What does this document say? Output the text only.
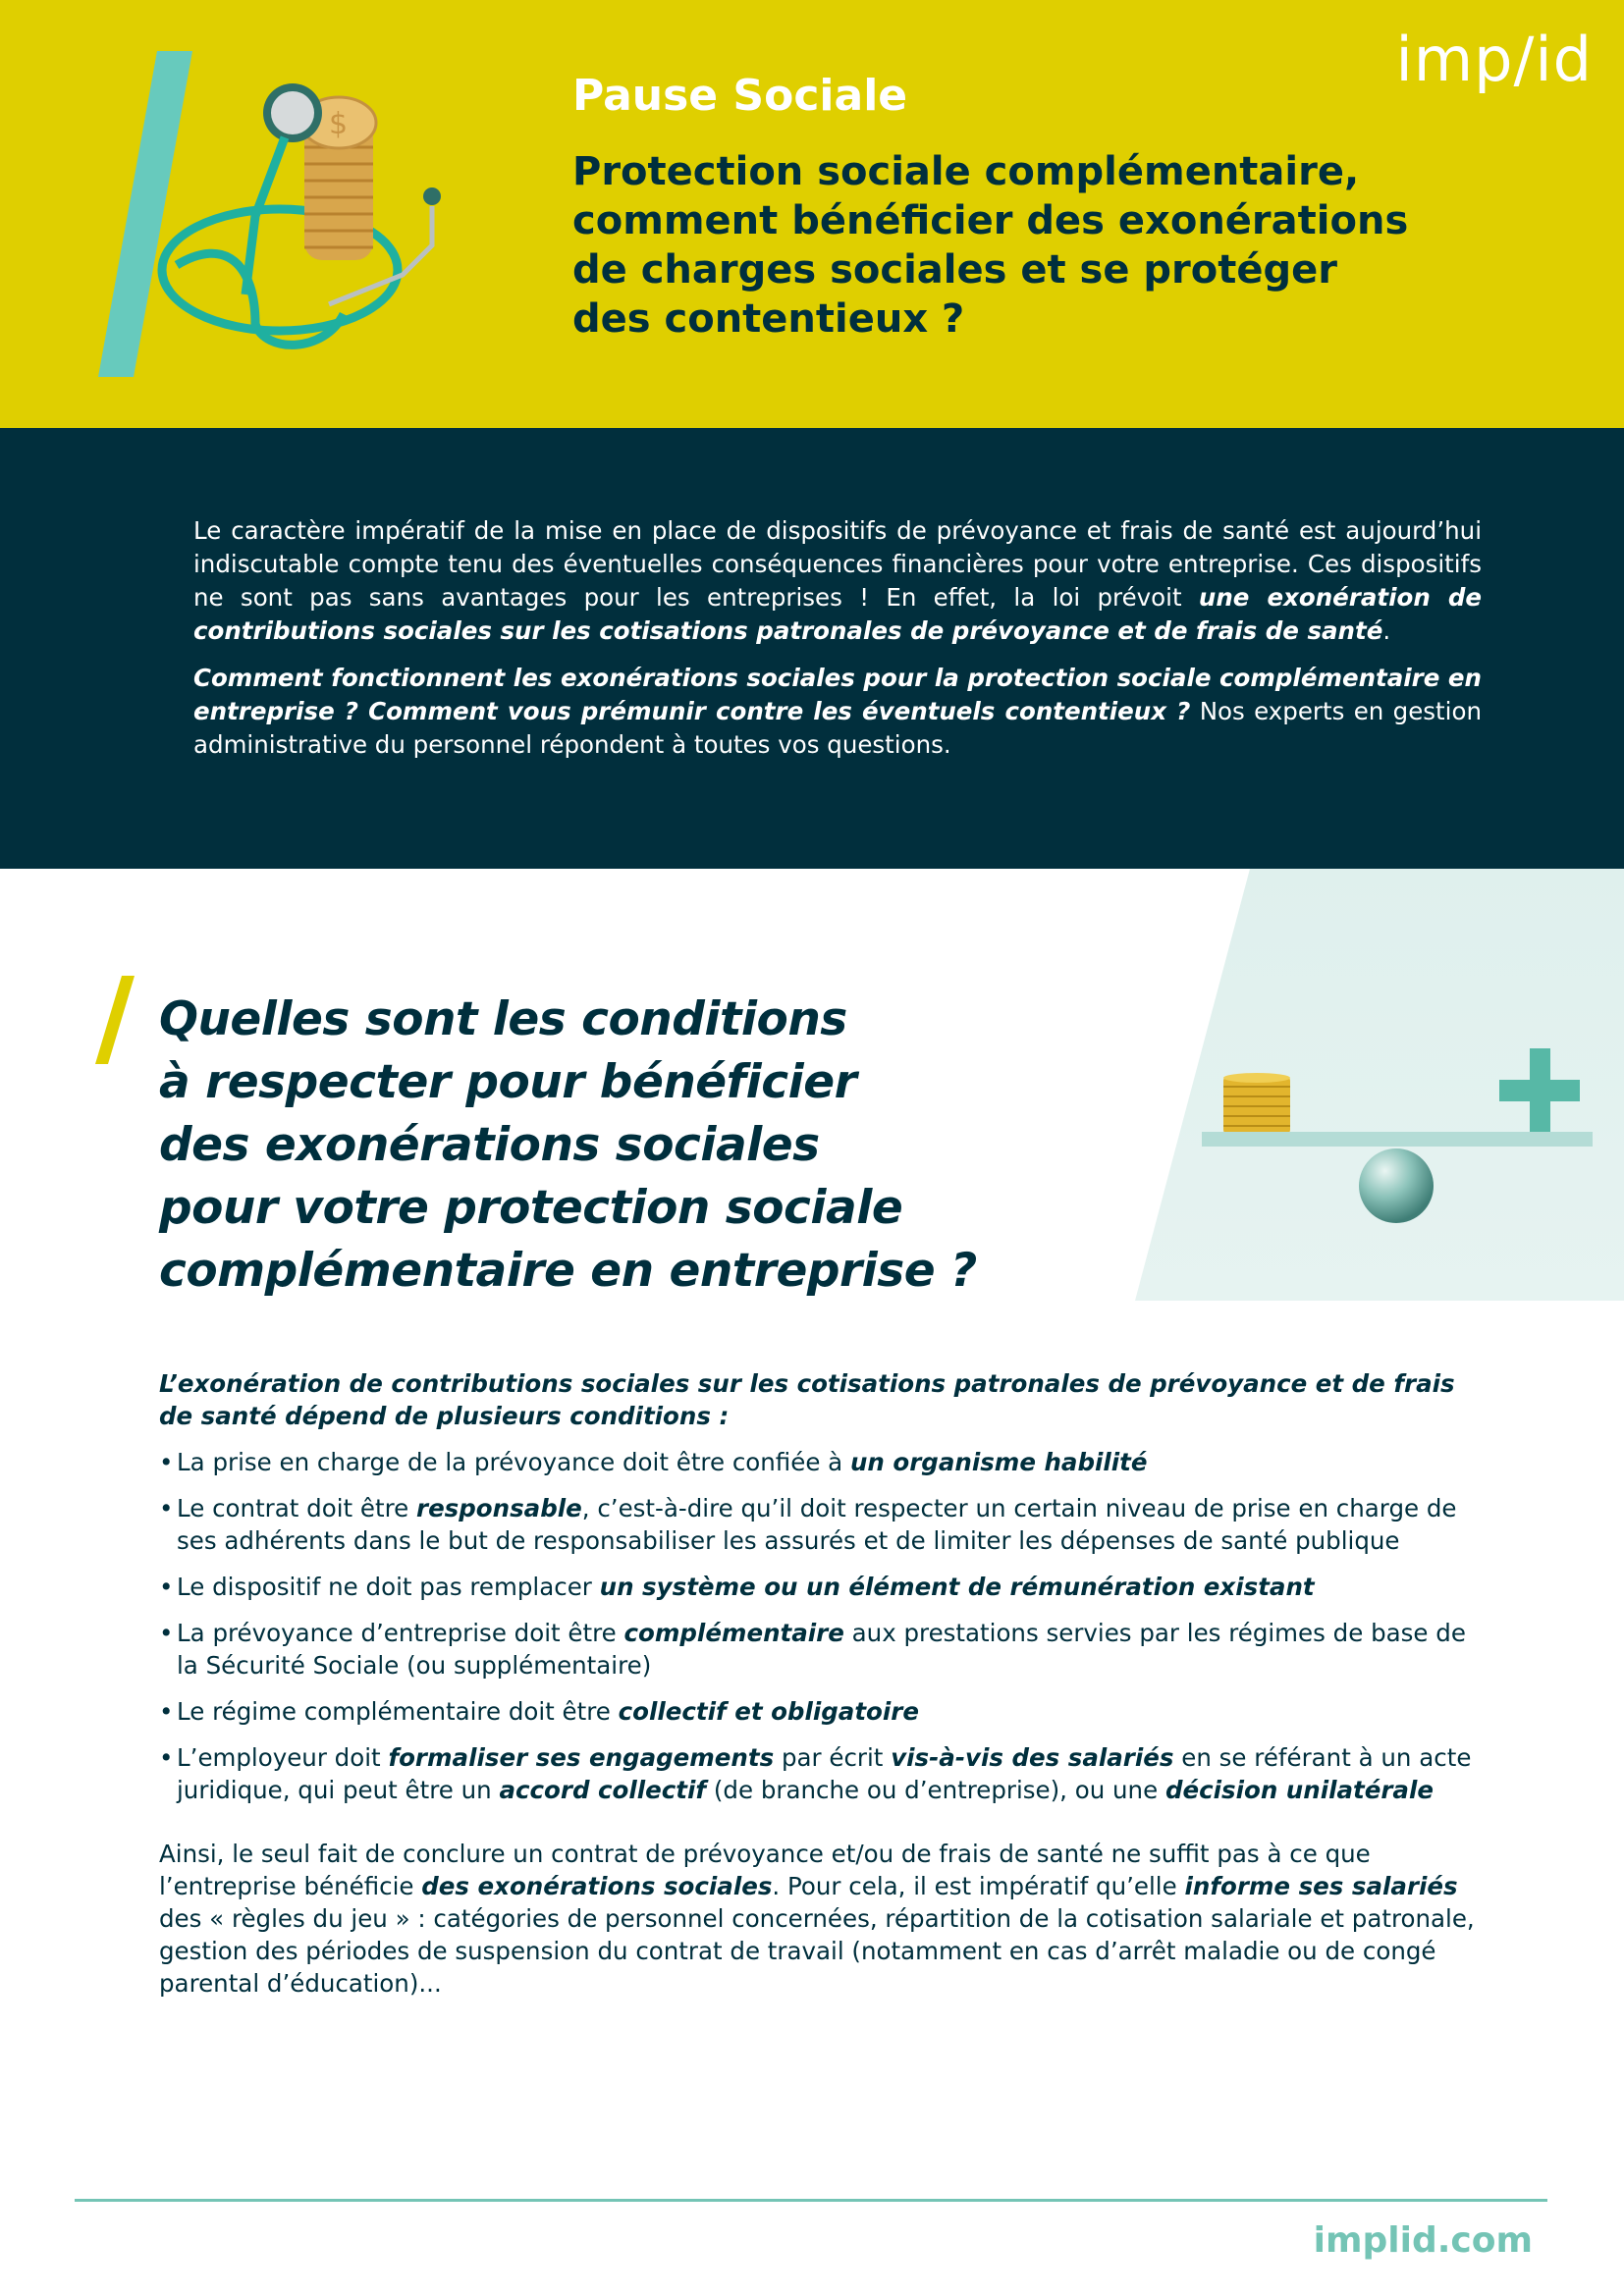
$
imp/id
Pause Sociale
Protection sociale complémentaire,
comment bénéficier des exonérations
de charges sociales et se protéger
des contentieux ?

Le caractère impératif de la mise en place de dispositifs de prévoyance et frais de santé est aujourd’hui indiscutable compte tenu des éventuelles conséquences financières pour votre entreprise. Ces dispositifs ne sont pas sans avantages pour les entreprises ! En effet, la loi prévoit une exonération de contributions sociales sur les cotisations patronales de prévoyance et de frais de santé.

Comment fonctionnent les exonérations sociales pour la protection sociale complémentaire en entreprise ? Comment vous prémunir contre les éventuels contentieux ? Nos experts en gestion administrative du personnel répondent à toutes vos questions.

Quelles sont les conditions
à respecter pour bénéficier
des exonérations sociales
pour votre protection sociale
complémentaire en entreprise ?

L’exonération de contributions sociales sur les cotisations patronales de prévoyance et de frais de santé dépend de plusieurs conditions :

• La prise en charge de la prévoyance doit être confiée à un organisme habilité
• Le contrat doit être responsable, c’est-à-dire qu’il doit respecter un certain niveau de prise en charge de ses adhérents dans le but de responsabiliser les assurés et de limiter les dépenses de santé publique
• Le dispositif ne doit pas remplacer un système ou un élément de rémunération existant
• La prévoyance d’entreprise doit être complémentaire aux prestations servies par les régimes de base de la Sécurité Sociale (ou supplémentaire)
• Le régime complémentaire doit être collectif et obligatoire
• L’employeur doit formaliser ses engagements par écrit vis-à-vis des salariés en se référant à un acte juridique, qui peut être un accord collectif (de branche ou d’entreprise), ou une décision unilatérale

Ainsi, le seul fait de conclure un contrat de prévoyance et/ou de frais de santé ne suffit pas à ce que l’entreprise bénéficie des exonérations sociales. Pour cela, il est impératif qu’elle informe ses salariés des « règles du jeu » : catégories de personnel concernées, répartition de la cotisation salariale et patronale, gestion des périodes de suspension du contrat de travail (notamment en cas d’arrêt maladie ou de congé parental d’éducation)...

implid.com
